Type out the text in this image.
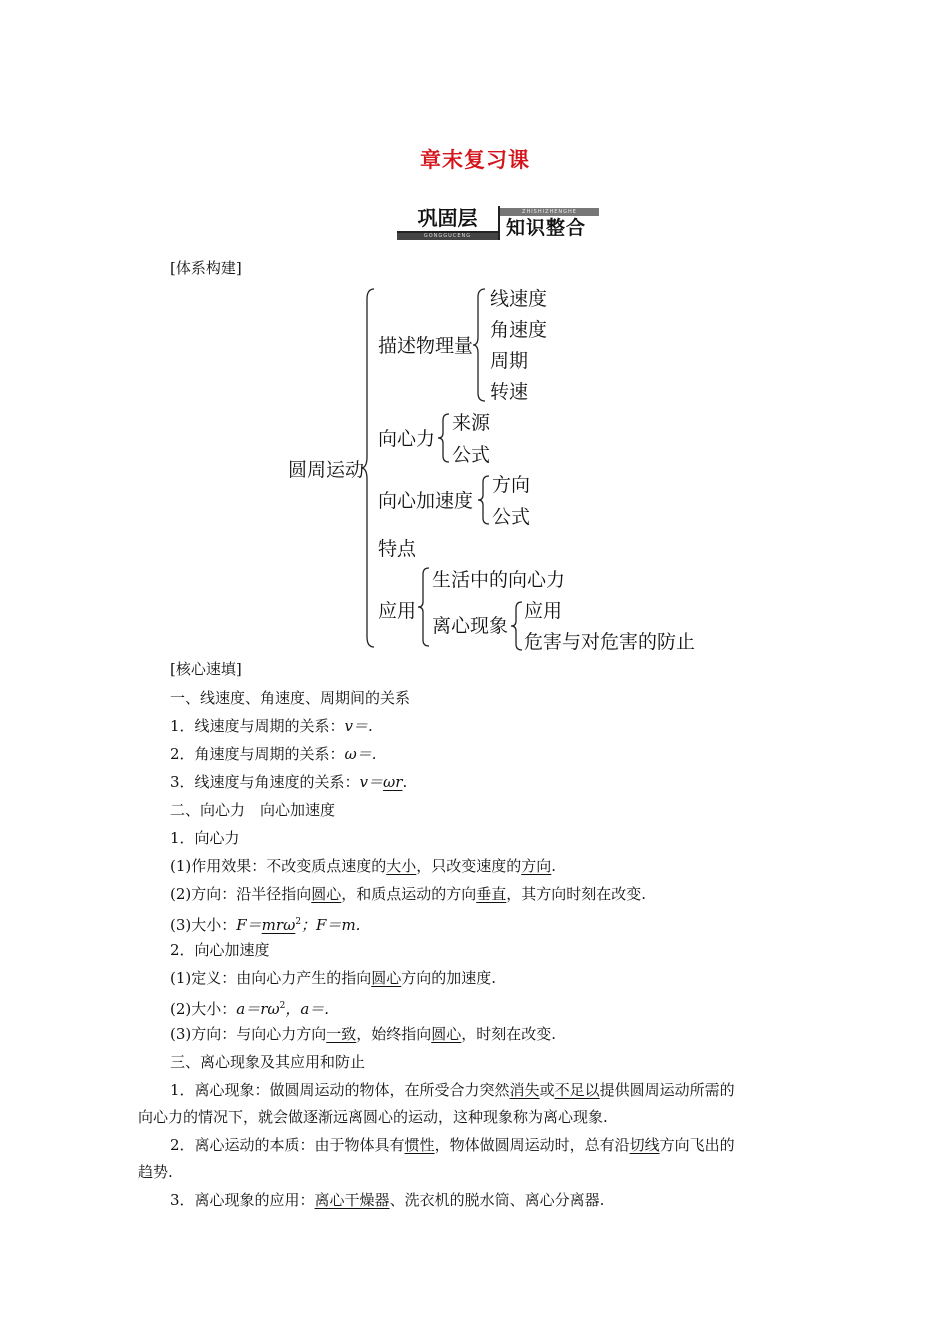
章末复习课
巩固层
GONGGUCENG
ZHISHIZHENGHE
知识整合
[体系构建]
圆周运动
描述物理量
线速度
角速度
周期
转速
向心力
来源
公式
向心加速度
方向
公式
特点
应用
生活中的向心力
离心现象
应用
危害与对危害的防止
[核心速填]
一、线速度、角速度、周期间的关系
1．线速度与周期的关系：v＝.
2．角速度与周期的关系：ω＝.
3．线速度与角速度的关系：v＝ωr.
二、向心力　向心加速度
1．向心力
(1)作用效果：不改变质点速度的大小，只改变速度的方向.
(2)方向：沿半径指向圆心，和质点运动的方向垂直，其方向时刻在改变.
(3)大小：F＝mrω$^2$；F＝m.
2．向心加速度
(1)定义：由向心力产生的指向圆心方向的加速度.
(2)大小：$a=r\omega^2$，a＝.
(3)方向：与向心力方向一致，始终指向圆心，时刻在改变.
三、离心现象及其应用和防止
1．离心现象：做圆周运动的物体，在所受合力突然消失或不足以提供圆周运动所需的
向心力的情况下，就会做逐渐远离圆心的运动，这种现象称为离心现象.
2．离心运动的本质：由于物体具有惯性，物体做圆周运动时，总有沿切线方向飞出的
趋势.
3．离心现象的应用：离心干燥器、洗衣机的脱水筒、离心分离器.
